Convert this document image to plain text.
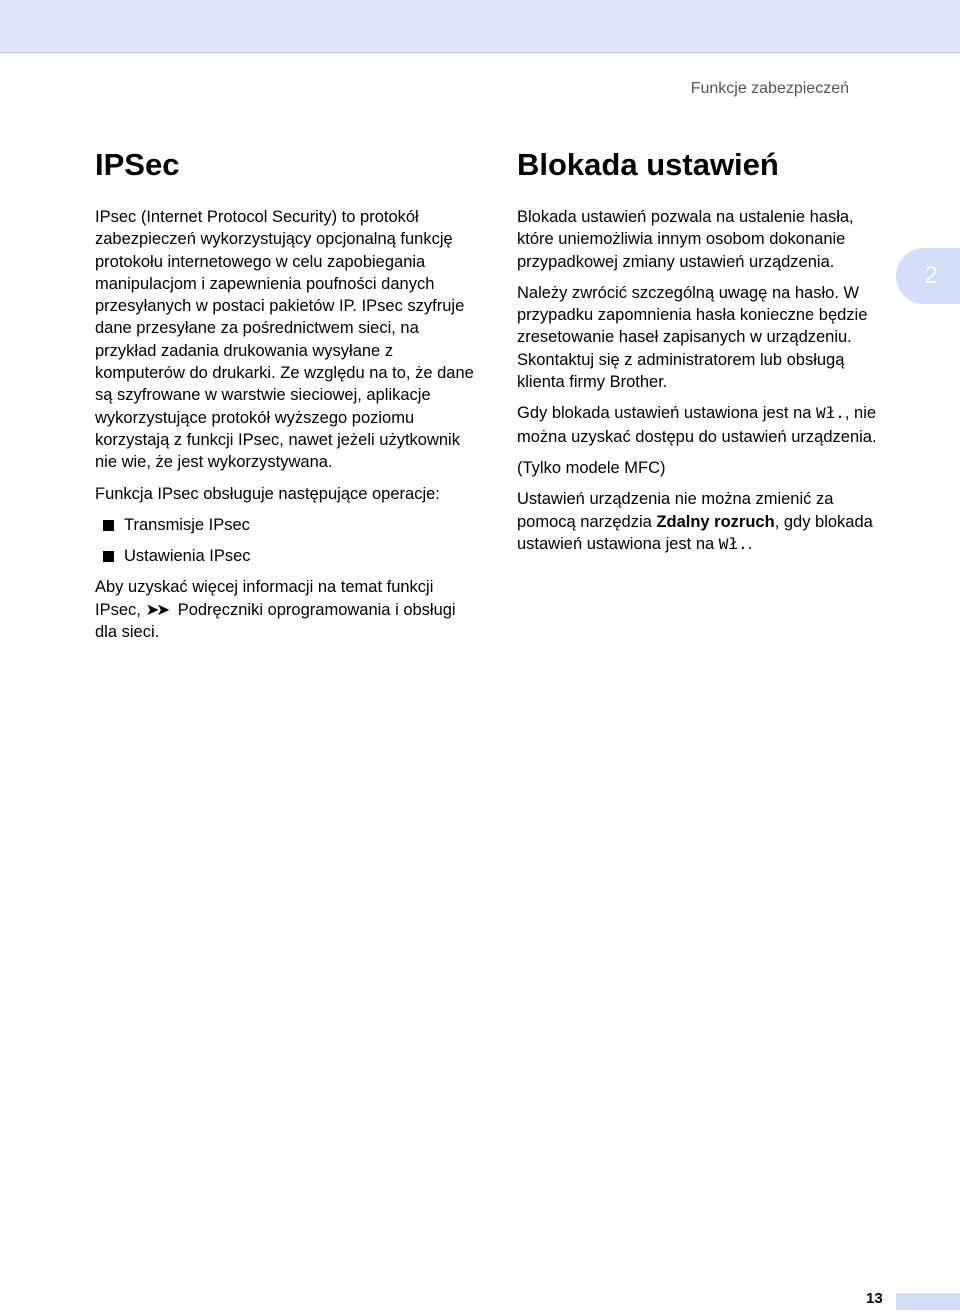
Funkcje zabezpieczeń
2
IPSec

IPsec (Internet Protocol Security) to protokół zabezpieczeń wykorzystujący opcjonalną funkcję protokołu internetowego w celu zapobiegania manipulacjom i zapewnienia poufności danych przesyłanych w postaci pakietów IP. IPsec szyfruje dane przesyłane za pośrednictwem sieci, na przykład zadania drukowania wysyłane z komputerów do drukarki. Ze względu na to, że dane są szyfrowane w warstwie sieciowej, aplikacje wykorzystujące protokół wyższego poziomu korzystają z funkcji IPsec, nawet jeżeli użytkownik nie wie, że jest wykorzystywana.

Funkcja IPsec obsługuje następujące operacje:

Transmisje IPsec
Ustawienia IPsec

Aby uzyskać więcej informacji na temat funkcji IPsec, ➤➤ Podręczniki oprogramowania i obsługi dla sieci.

Blokada ustawień

Blokada ustawień pozwala na ustalenie hasła, które uniemożliwia innym osobom dokonanie przypadkowej zmiany ustawień urządzenia.

Należy zwrócić szczególną uwagę na hasło. W przypadku zapomnienia hasła konieczne będzie zresetowanie haseł zapisanych w urządzeniu. Skontaktuj się z administratorem lub obsługą klienta firmy Brother.

Gdy blokada ustawień ustawiona jest na Wł., nie można uzyskać dostępu do ustawień urządzenia.

(Tylko modele MFC)

Ustawień urządzenia nie można zmienić za pomocą narzędzia Zdalny rozruch, gdy blokada ustawień ustawiona jest na Wł..

13
